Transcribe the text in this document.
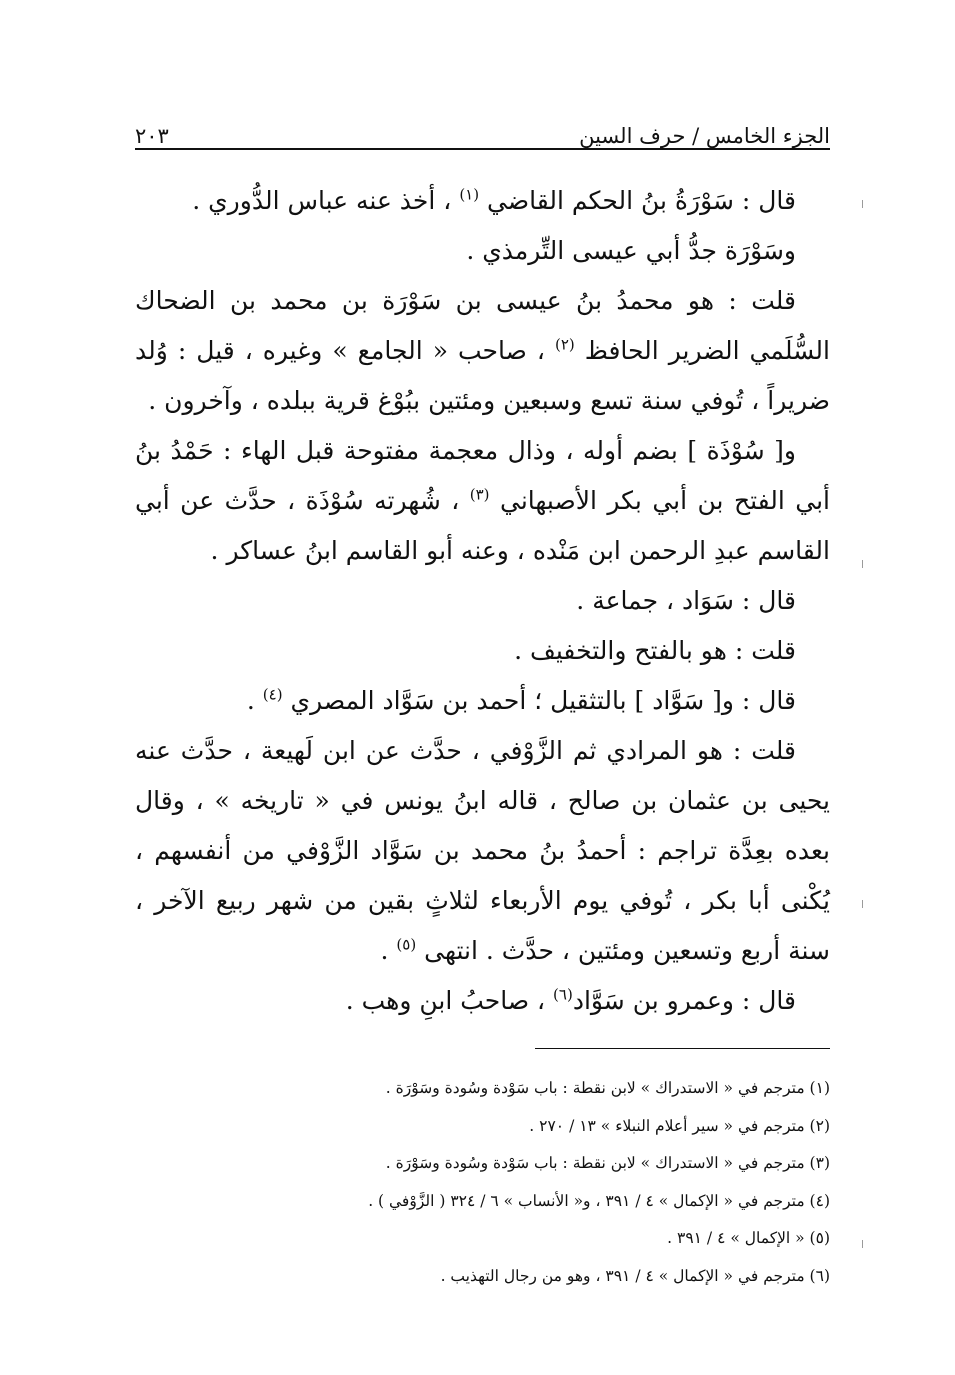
الجزء الخامس / حرف السين
٢٠٣

قال : سَوْرَةُ بنُ الحكم القاضي $^{(١)}$ ، أخذ عنه عباس الدُّوري .

وسَوْرَة جدُّ أبي عيسى التِّرمذي .

قلت : هو محمدُ بنُ عيسى بن سَوْرَة بن محمد بن الضحاك السُّلَمي الضرير الحافظ $^{(٢)}$ ، صاحب « الجامع » وغيره ، قيل : وُلد ضريراً ، تُوفي سنة تسع وسبعين ومئتين ببُوْغ قرية ببلده ، وآخرون .

و[ سُوْذَة ] بضم أوله ، وذال معجمة مفتوحة قبل الهاء : حَمْدُ بنُ أبي الفتح بن أبي بكر الأصبهاني $^{(٣)}$ ، شُهرته سُوْذَة ، حدَّث عن أبي القاسم عبدِ الرحمن ابن مَنْده ، وعنه أبو القاسم ابنُ عساكر .

قال : سَوَاد ، جماعة .

قلت : هو بالفتح والتخفيف .

قال : و[ سَوَّاد ] بالتثقيل ؛ أحمد بن سَوَّاد المصري $^{(٤)}$ .

قلت : هو المرادي ثم الزَّوْفي ، حدَّث عن ابن لَهيعة ، حدَّث عنه يحيى بن عثمان بن صالح ، قاله ابنُ يونس في « تاريخه » ، وقال بعده بعِدَّة تراجم : أحمدُ بنُ محمد بن سَوَّاد الزَّوْفي من أنفسهم ، يُكْنى أبا بكر ، تُوفي يوم الأربعاء لثلاثٍ بقين من شهر ربيع الآخر ، سنة أربع وتسعين ومئتين ، حدَّث . انتهى $^{(٥)}$ .

قال : وعمرو بن سَوَّاد$^{(٦)}$ ، صاحبُ ابنِ وهب .

(١) مترجم في « الاستدراك » لابن نقطة : باب سَوْدة وسُودة وسَوْرَة .
(٢) مترجم في « سير أعلام النبلاء » ١٣ / ٢٧٠ .
(٣) مترجم في « الاستدراك » لابن نقطة : باب سَوْدة وسُودة وسَوْرَة .
(٤) مترجم في « الإكمال » ٤ / ٣٩١ ، و« الأنساب » ٦ / ٣٢٤ ( الزَّوْفي ) .
(٥) « الإكمال » ٤ / ٣٩١ .
(٦) مترجم في « الإكمال » ٤ / ٣٩١ ، وهو من رجال التهذيب .
